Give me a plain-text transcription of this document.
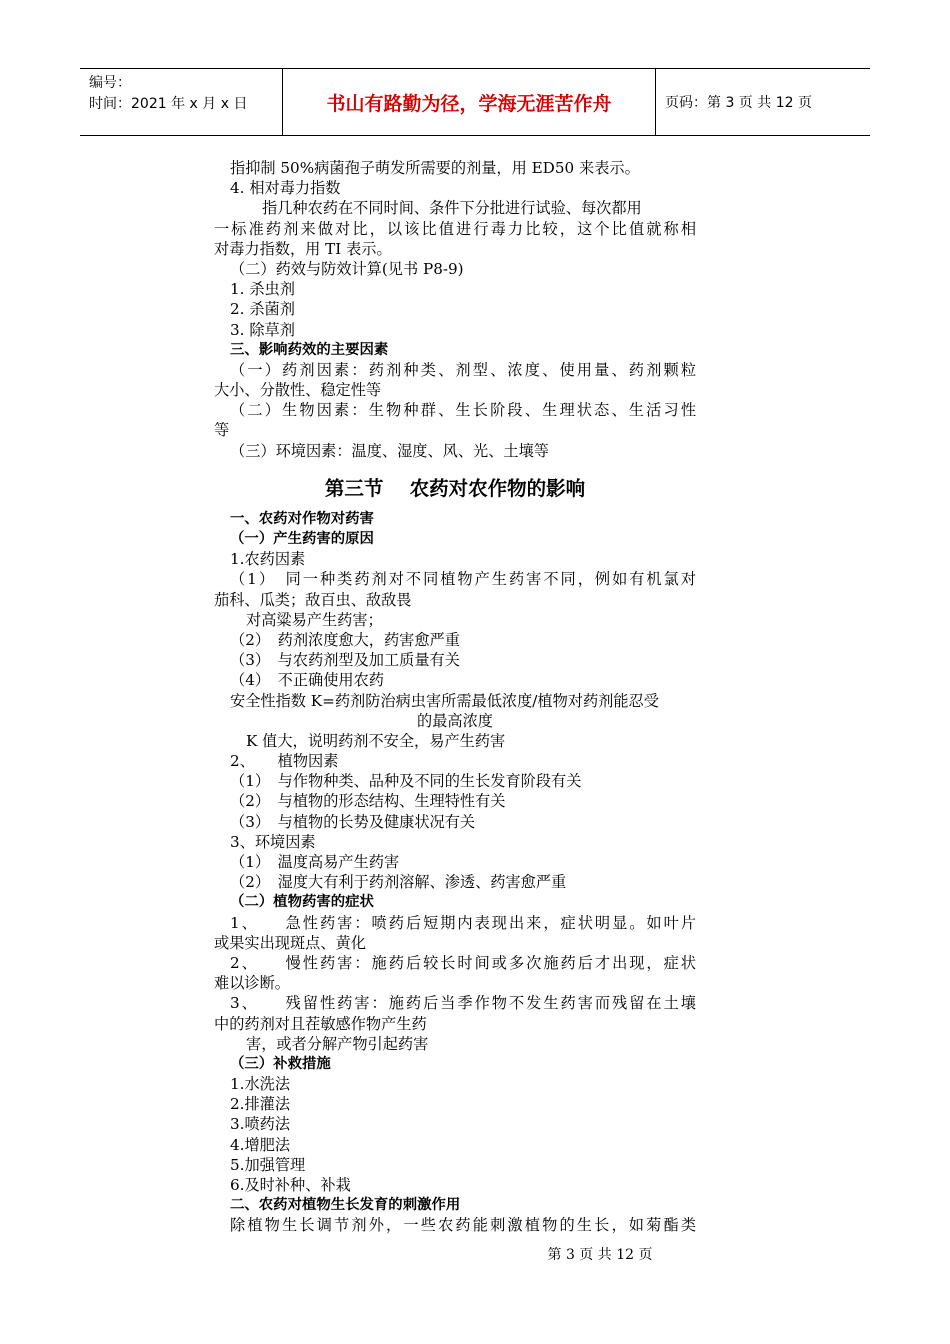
编号：
时间：2021 年 x 月 x 日	书山有路勤为径，学海无涯苦作舟	页码：第 3 页 共 12 页
指抑制 50%病菌孢子萌发所需要的剂量，用 ED50 来表示。
4. 相对毒力指数
指几种农药在不同时间、条件下分批进行试验、每次都用
一标准药剂来做对比，以该比值进行毒力比较，这个比值就称相
对毒力指数，用 TI 表示。
（二）药效与防效计算(见书 P8-9)
1. 杀虫剂
2. 杀菌剂
3. 除草剂
三、影响药效的主要因素
（一）药剂因素：药剂种类、剂型、浓度、使用量、药剂颗粒
大小、分散性、稳定性等
（二）生物因素：生物种群、生长阶段、生理状态、生活习性
等
（三）环境因素：温度、湿度、风、光、土壤等
第三节　 农药对农作物的影响
一、农药对作物对药害
（一）产生药害的原因
1.农药因素
（1）　同一种类药剂对不同植物产生药害不同，例如有机氯对
茄科、瓜类；敌百虫、敌敌畏
对高粱易产生药害；
（2）　药剂浓度愈大，药害愈严重
（3）　与农药剂型及加工质量有关
（4）　不正确使用农药
安全性指数 K=药剂防治病虫害所需最低浓度/植物对药剂能忍受
的最高浓度
K 值大，说明药剂不安全，易产生药害
2、　　植物因素
（1）　与作物种类、品种及不同的生长发育阶段有关
（2）　与植物的形态结构、生理特性有关
（3）　与植物的长势及健康状况有关
3、环境因素
（1）　温度高易产生药害
（2）　湿度大有利于药剂溶解、渗透、药害愈严重
（二）植物药害的症状
1、　　急性药害：喷药后短期内表现出来，症状明显。如叶片
或果实出现斑点、黄化
2、　　慢性药害：施药后较长时间或多次施药后才出现，症状
难以诊断。
3、　　残留性药害：施药后当季作物不发生药害而残留在土壤
中的药剂对且茬敏感作物产生药
害，或者分解产物引起药害
（三）补救措施
1.水洗法
2.排灌法
3.喷药法
4.增肥法
5.加强管理
6.及时补种、补栽
二、农药对植物生长发育的刺激作用
除植物生长调节剂外，一些农药能刺激植物的生长，如菊酯类
第 3 页 共 12 页
